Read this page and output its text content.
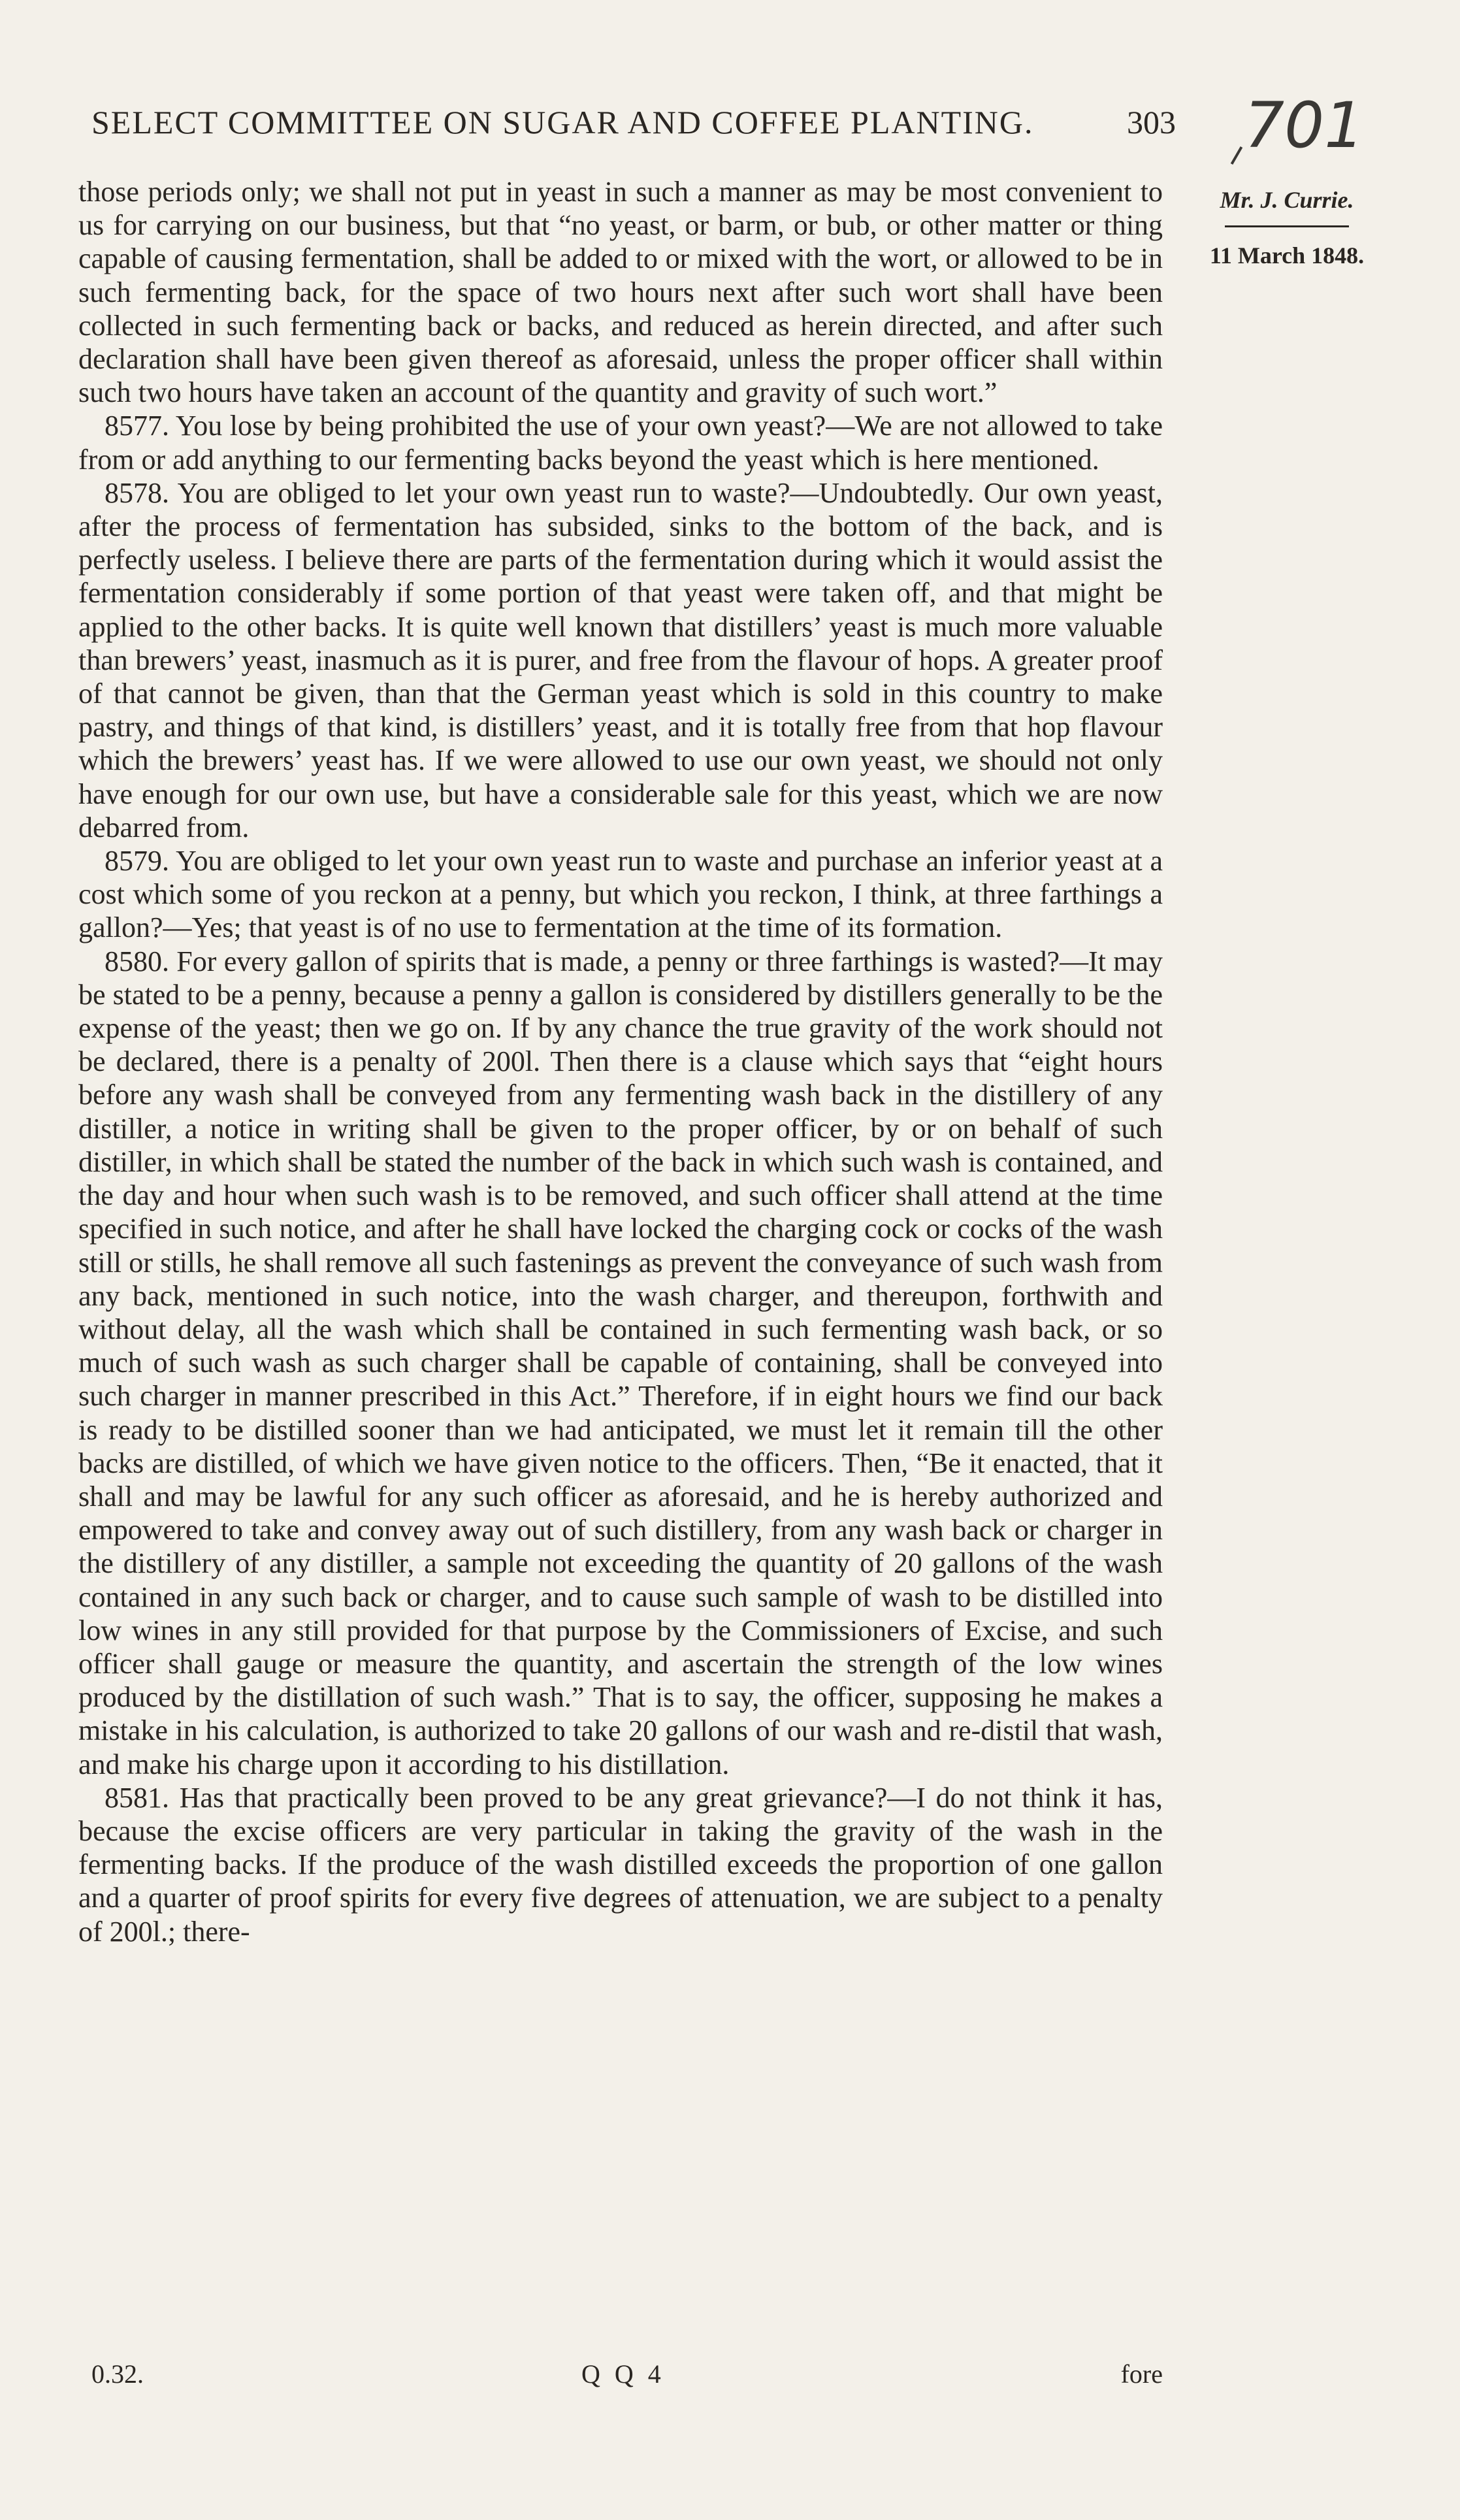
SELECT COMMITTEE ON SUGAR AND COFFEE PLANTING.	303 701
Mr. J. Currie.
11 March 1848.

those periods only; we shall not put in yeast in such a manner as may be most convenient to us for carrying on our business, but that “no yeast, or barm, or bub, or other matter or thing capable of causing fermentation, shall be added to or mixed with the wort, or allowed to be in such fermenting back, for the space of two hours next after such wort shall have been collected in such fermenting back or backs, and reduced as herein directed, and after such declaration shall have been given thereof as aforesaid, unless the proper officer shall within such two hours have taken an account of the quantity and gravity of such wort.”

8577. You lose by being prohibited the use of your own yeast?—We are not allowed to take from or add anything to our fermenting backs beyond the yeast which is here mentioned.

8578. You are obliged to let your own yeast run to waste?—Undoubtedly. Our own yeast, after the process of fermentation has subsided, sinks to the bottom of the back, and is perfectly useless. I believe there are parts of the fermentation during which it would assist the fermentation considerably if some portion of that yeast were taken off, and that might be applied to the other backs. It is quite well known that distillers’ yeast is much more valuable than brewers’ yeast, inasmuch as it is purer, and free from the flavour of hops. A greater proof of that cannot be given, than that the German yeast which is sold in this country to make pastry, and things of that kind, is distillers’ yeast, and it is totally free from that hop flavour which the brewers’ yeast has. If we were allowed to use our own yeast, we should not only have enough for our own use, but have a considerable sale for this yeast, which we are now debarred from.

8579. You are obliged to let your own yeast run to waste and purchase an inferior yeast at a cost which some of you reckon at a penny, but which you reckon, I think, at three farthings a gallon?—Yes; that yeast is of no use to fermentation at the time of its formation.

8580. For every gallon of spirits that is made, a penny or three farthings is wasted?—It may be stated to be a penny, because a penny a gallon is considered by distillers generally to be the expense of the yeast; then we go on. If by any chance the true gravity of the work should not be declared, there is a penalty of 200l. Then there is a clause which says that “eight hours before any wash shall be conveyed from any fermenting wash back in the distillery of any distiller, a notice in writing shall be given to the proper officer, by or on behalf of such distiller, in which shall be stated the number of the back in which such wash is contained, and the day and hour when such wash is to be removed, and such officer shall attend at the time specified in such notice, and after he shall have locked the charging cock or cocks of the wash still or stills, he shall remove all such fastenings as prevent the conveyance of such wash from any back, mentioned in such notice, into the wash charger, and thereupon, forthwith and without delay, all the wash which shall be contained in such fermenting wash back, or so much of such wash as such charger shall be capable of containing, shall be conveyed into such charger in manner prescribed in this Act.” Therefore, if in eight hours we find our back is ready to be distilled sooner than we had anticipated, we must let it remain till the other backs are distilled, of which we have given notice to the officers. Then, “Be it enacted, that it shall and may be lawful for any such officer as aforesaid, and he is hereby authorized and empowered to take and convey away out of such distillery, from any wash back or charger in the distillery of any distiller, a sample not exceeding the quantity of 20 gallons of the wash contained in any such back or charger, and to cause such sample of wash to be distilled into low wines in any still provided for that purpose by the Commissioners of Excise, and such officer shall gauge or measure the quantity, and ascertain the strength of the low wines produced by the distillation of such wash.” That is to say, the officer, supposing he makes a mistake in his calculation, is authorized to take 20 gallons of our wash and re-distil that wash, and make his charge upon it according to his distillation.

8581. Has that practically been proved to be any great grievance?—I do not think it has, because the excise officers are very particular in taking the gravity of the wash in the fermenting backs. If the produce of the wash distilled exceeds the proportion of one gallon and a quarter of proof spirits for every five degrees of attenuation, we are subject to a penalty of 200l.; there-

0.32.	Q Q 4	fore
